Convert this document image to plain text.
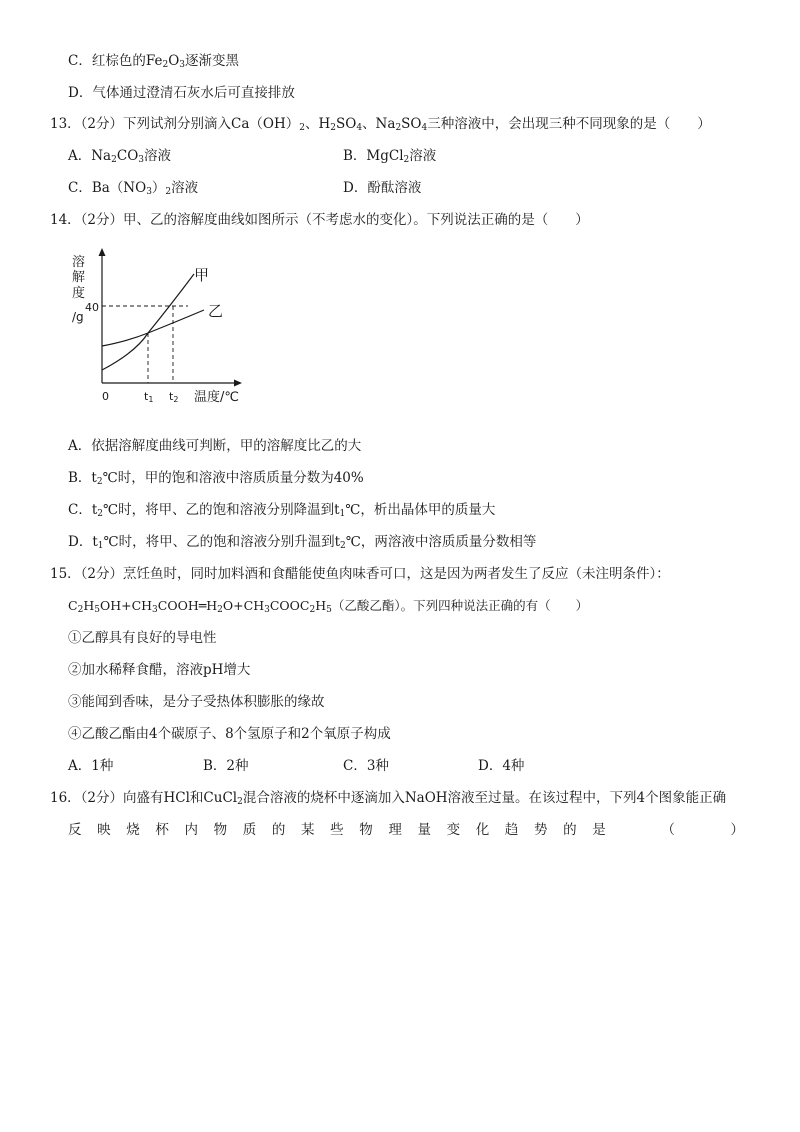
C．红棕色的$Fe_2O_3$逐渐变黑
D．气体通过澄清石灰水后可直接排放
13．（2分）下列试剂分别滴入$Ca(OH)_2$、$H_2SO_4$、$Na_2SO_4$三种溶液中，会出现三种不同现象的是（　　）
A．$Na_2CO_3$溶液	B．MgCl$_2$溶液
C．$Ba(NO_3)_2$溶液	D．酚酞溶液
14．（2分）甲、乙的溶解度曲线如图所示（不考虑水的变化）。下列说法正确的是（　　）
溶
解
度
/g
40
甲
乙
0	t1 t2 温度/℃
A．依据溶解度曲线可判断，甲的溶解度比乙的大
B．$t_2℃$时，甲的饱和溶液中溶质质量分数为40%
C．$t_2℃$时，将甲、乙的饱和溶液分别降温到$t_1℃$，析出晶体甲的质量大
D．$t_1℃$时，将甲、乙的饱和溶液分别升温到$t_2℃$，两溶液中溶质质量分数相等
15．（2分）烹饪鱼时，同时加料酒和食醋能使鱼肉味香可口，这是因为两者发生了反应（未注明条件）：
$C_2H_5OH+CH_3COOH═H_2O+CH_3COOC_2H_5$（乙酸乙酯）。下列四种说法正确的有（　　）
①乙醇具有良好的导电性
②加水稀释食醋，溶液pH增大
③能闻到香味，是分子受热体积膨胀的缘故
④乙酸乙酯由4个碳原子、8个氢原子和2个氧原子构成
A．1种	B．2种	C．3种	D．4种
16．（2分）向盛有HCl和CuCl$_2$混合溶液的烧杯中逐滴加入NaOH溶液至过量。在该过程中，下列4个图象能正确
反 映 烧 杯 内 物 质 的 某 些 物 理 量 变 化 趋 势 的 是	（	）
